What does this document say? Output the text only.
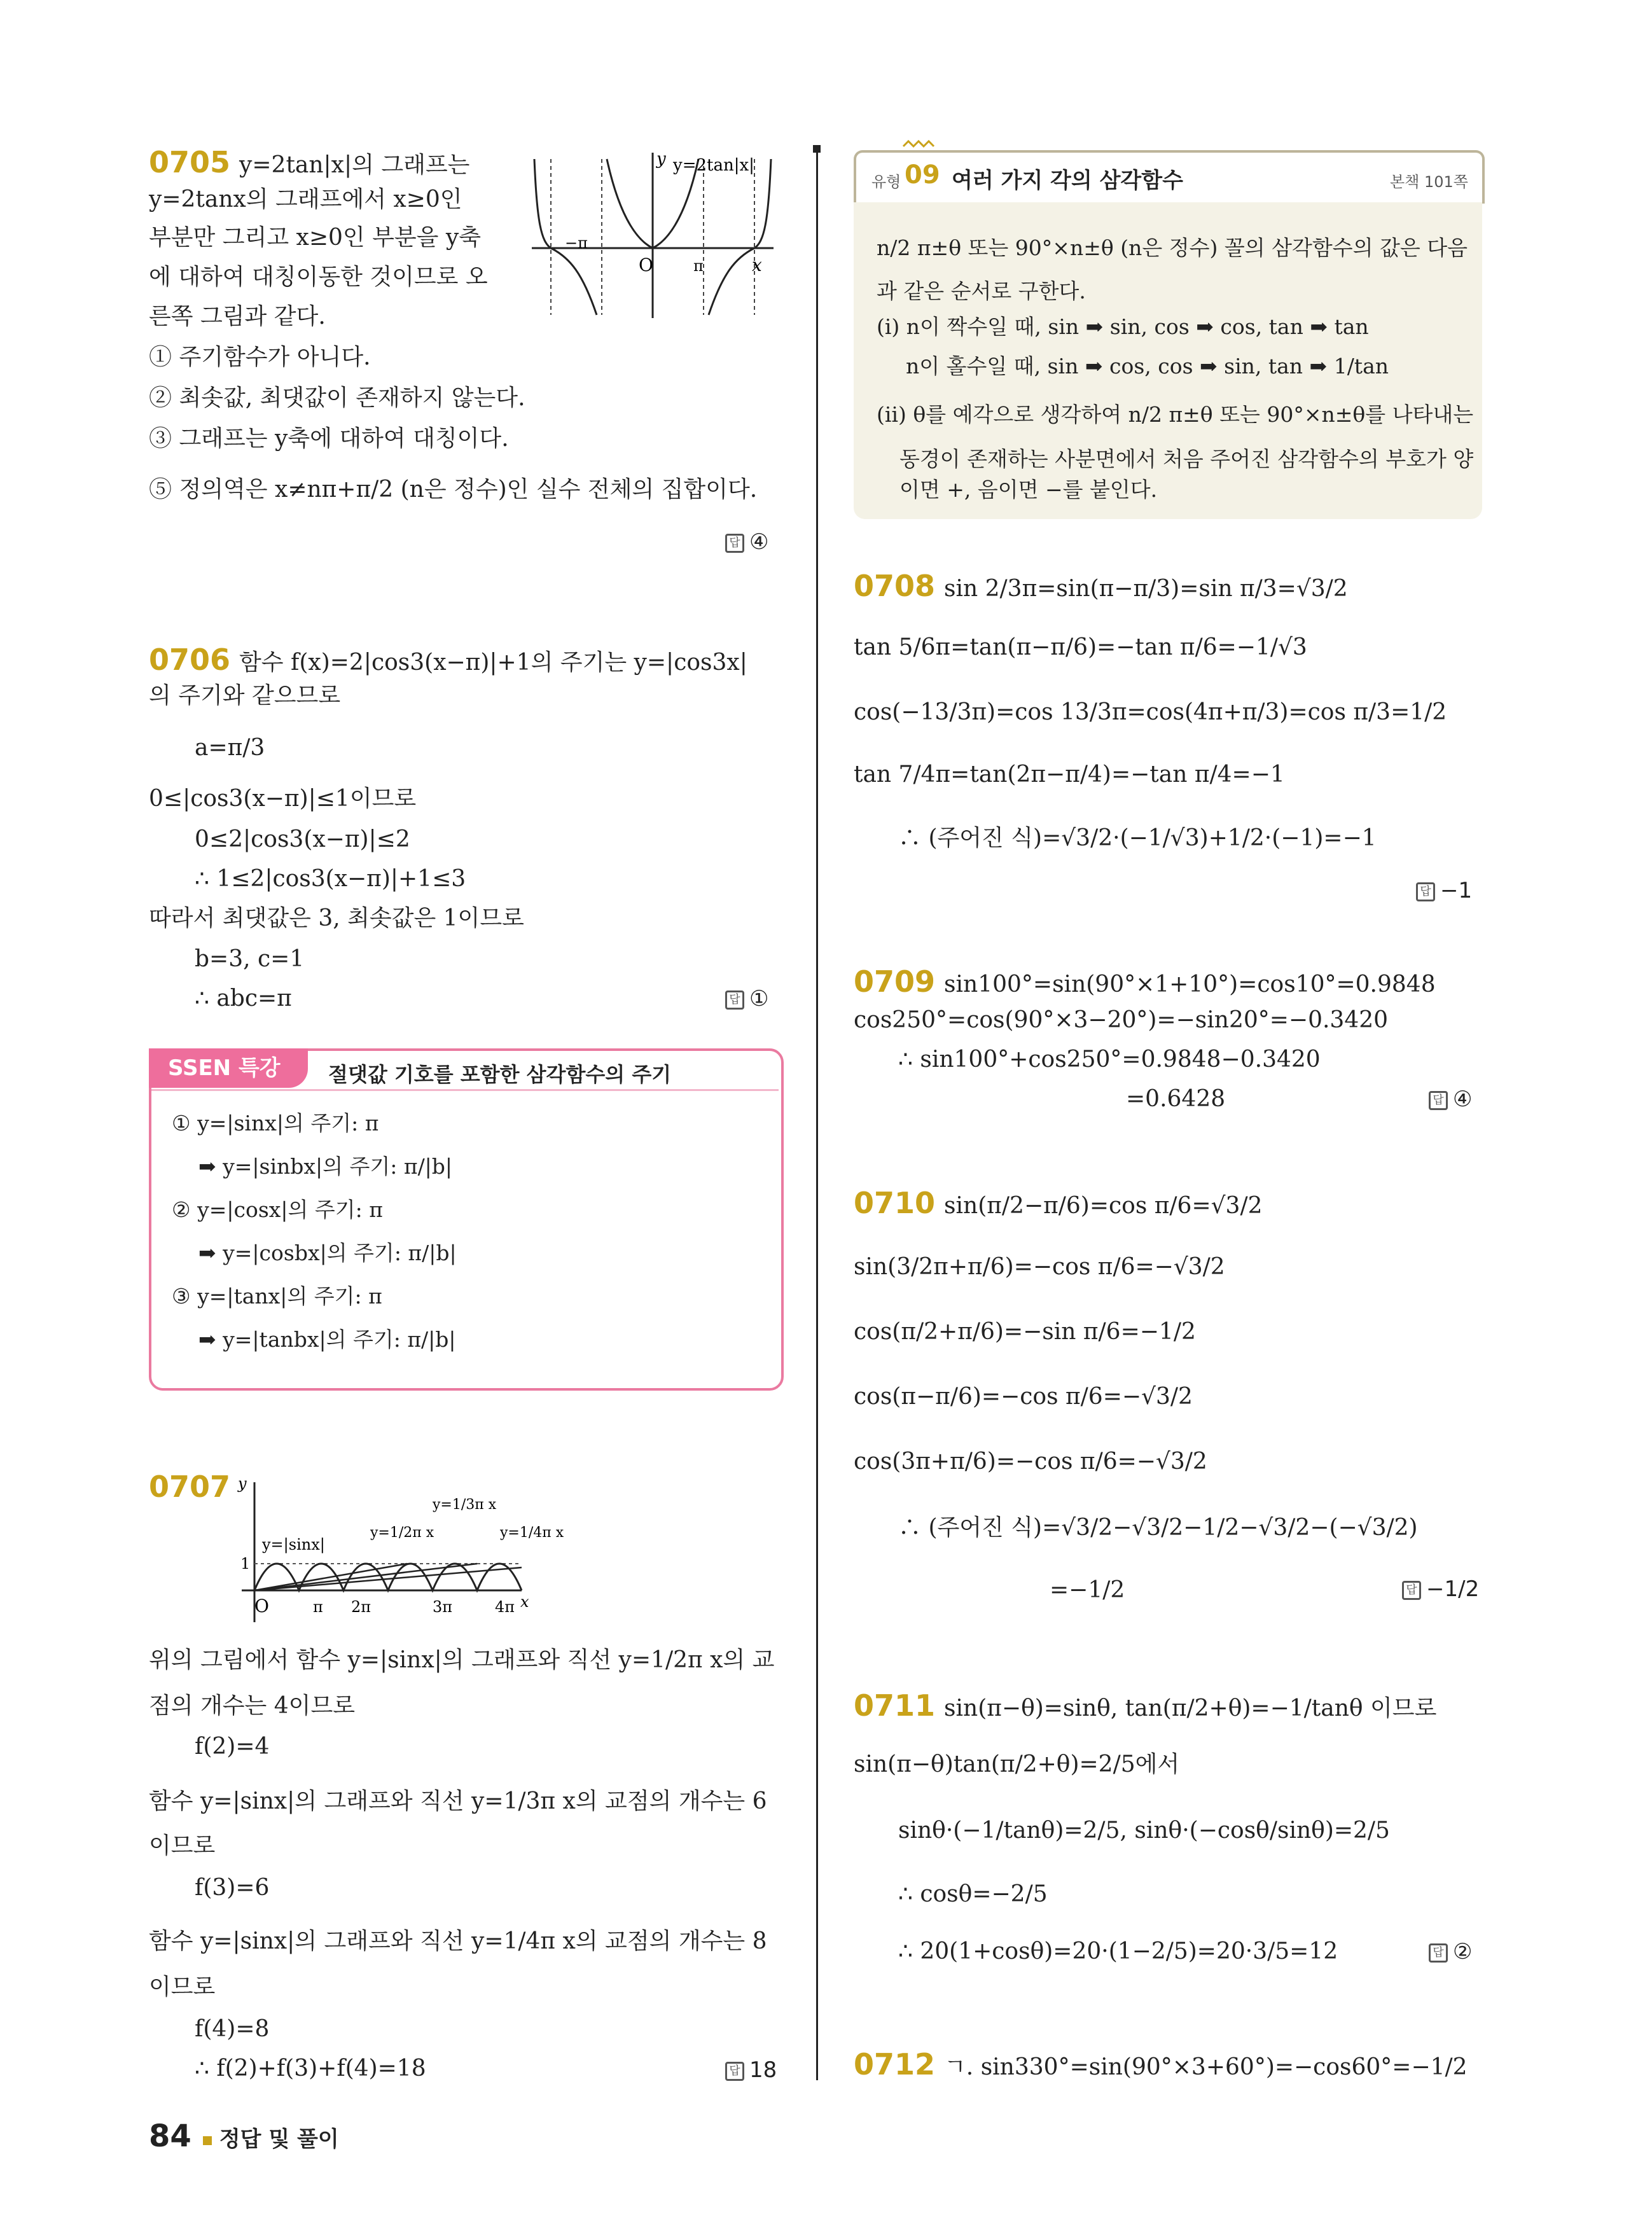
0705 y=2tan|x|의 그래프는
y=2tanx의 그래프에서 x≥0인
부분만 그리고 x≥0인 부분을 y축
에 대하여 대칭이동한 것이므로 오
른쪽 그림과 같다.
① 주기함수가 아니다.
② 최솟값, 최댓값이 존재하지 않는다.
③ 그래프는 y축에 대하여 대칭이다.
⑤ 정의역은 x≠nπ+π/2 (n은 정수)인 실수 전체의 집합이다.
답 ④
y y=2tan|x|
O
−π
π	x
0706 함수 f(x)=2|cos3(x−π)|+1의 주기는 y=|cos3x|
의 주기와 같으므로
a=π/3
0≤|cos3(x−π)|≤1이므로
0≤2|cos3(x−π)|≤2
∴ 1≤2|cos3(x−π)|+1≤3
따라서 최댓값은 3, 최솟값은 1이므로
b=3, c=1
∴ abc=π	답 ①
SSEN 특강	절댓값 기호를 포함한 삼각함수의 주기
① y=|sinx|의 주기: π
➡ y=|sinbx|의 주기: π/|b|
② y=|cosx|의 주기: π
➡ y=|cosbx|의 주기: π/|b|
③ y=|tanx|의 주기: π
➡ y=|tanbx|의 주기: π/|b|
0707 y
1
O
y=|sinx|
y=1/2π x
y=1/3π x
y=1/4π x
π 2π	3π	4π x
위의 그림에서 함수 y=|sinx|의 그래프와 직선 y=1/2π x의 교
점의 개수는 4이므로
f(2)=4
함수 y=|sinx|의 그래프와 직선 y=1/3π x의 교점의 개수는 6
이므로
f(3)=6
함수 y=|sinx|의 그래프와 직선 y=1/4π x의 교점의 개수는 8
이므로
f(4)=8
∴ f(2)+f(3)+f(4)=18	답 18
84 정답 및 풀이
유형 09 여러 가지 각의 삼각함수	본책 101쪽
n/2 π±θ 또는 90°×n±θ (n은 정수) 꼴의 삼각함수의 값은 다음
과 같은 순서로 구한다.
(ⅰ) n이 짝수일 때, sin ➡ sin, cos ➡ cos, tan ➡ tan
n이 홀수일 때, sin ➡ cos, cos ➡ sin, tan ➡ 1/tan
(ⅱ) θ를 예각으로 생각하여 n/2 π±θ 또는 90°×n±θ를 나타내는
동경이 존재하는 사분면에서 처음 주어진 삼각함수의 부호가 양
이면 +, 음이면 −를 붙인다.
0708 sin 2/3π=sin(π−π/3)=sin π/3=√3/2
tan 5/6π=tan(π−π/6)=−tan π/6=−1/√3
cos(−13/3π)=cos 13/3π=cos(4π+π/3)=cos π/3=1/2
tan 7/4π=tan(2π−π/4)=−tan π/4=−1
∴ (주어진 식)=√3/2·(−1/√3)+1/2·(−1)=−1
답 −1
0709 sin100°=sin(90°×1+10°)=cos10°=0.9848
cos250°=cos(90°×3−20°)=−sin20°=−0.3420
∴ sin100°+cos250°=0.9848−0.3420
=0.6428	답 ④
0710 sin(π/2−π/6)=cos π/6=√3/2
sin(3/2π+π/6)=−cos π/6=−√3/2
cos(π/2+π/6)=−sin π/6=−1/2
cos(π−π/6)=−cos π/6=−√3/2
cos(3π+π/6)=−cos π/6=−√3/2
∴ (주어진 식)=√3/2−√3/2−1/2−√3/2−(−√3/2)
=−1/2	답 −1/2
0711 sin(π−θ)=sinθ, tan(π/2+θ)=−1/tanθ 이므로
sin(π−θ)tan(π/2+θ)=2/5에서
sinθ·(−1/tanθ)=2/5, sinθ·(−cosθ/sinθ)=2/5
∴ cosθ=−2/5
∴ 20(1+cosθ)=20·(1−2/5)=20·3/5=12	답 ②
0712 ㄱ. sin330°=sin(90°×3+60°)=−cos60°=−1/2
